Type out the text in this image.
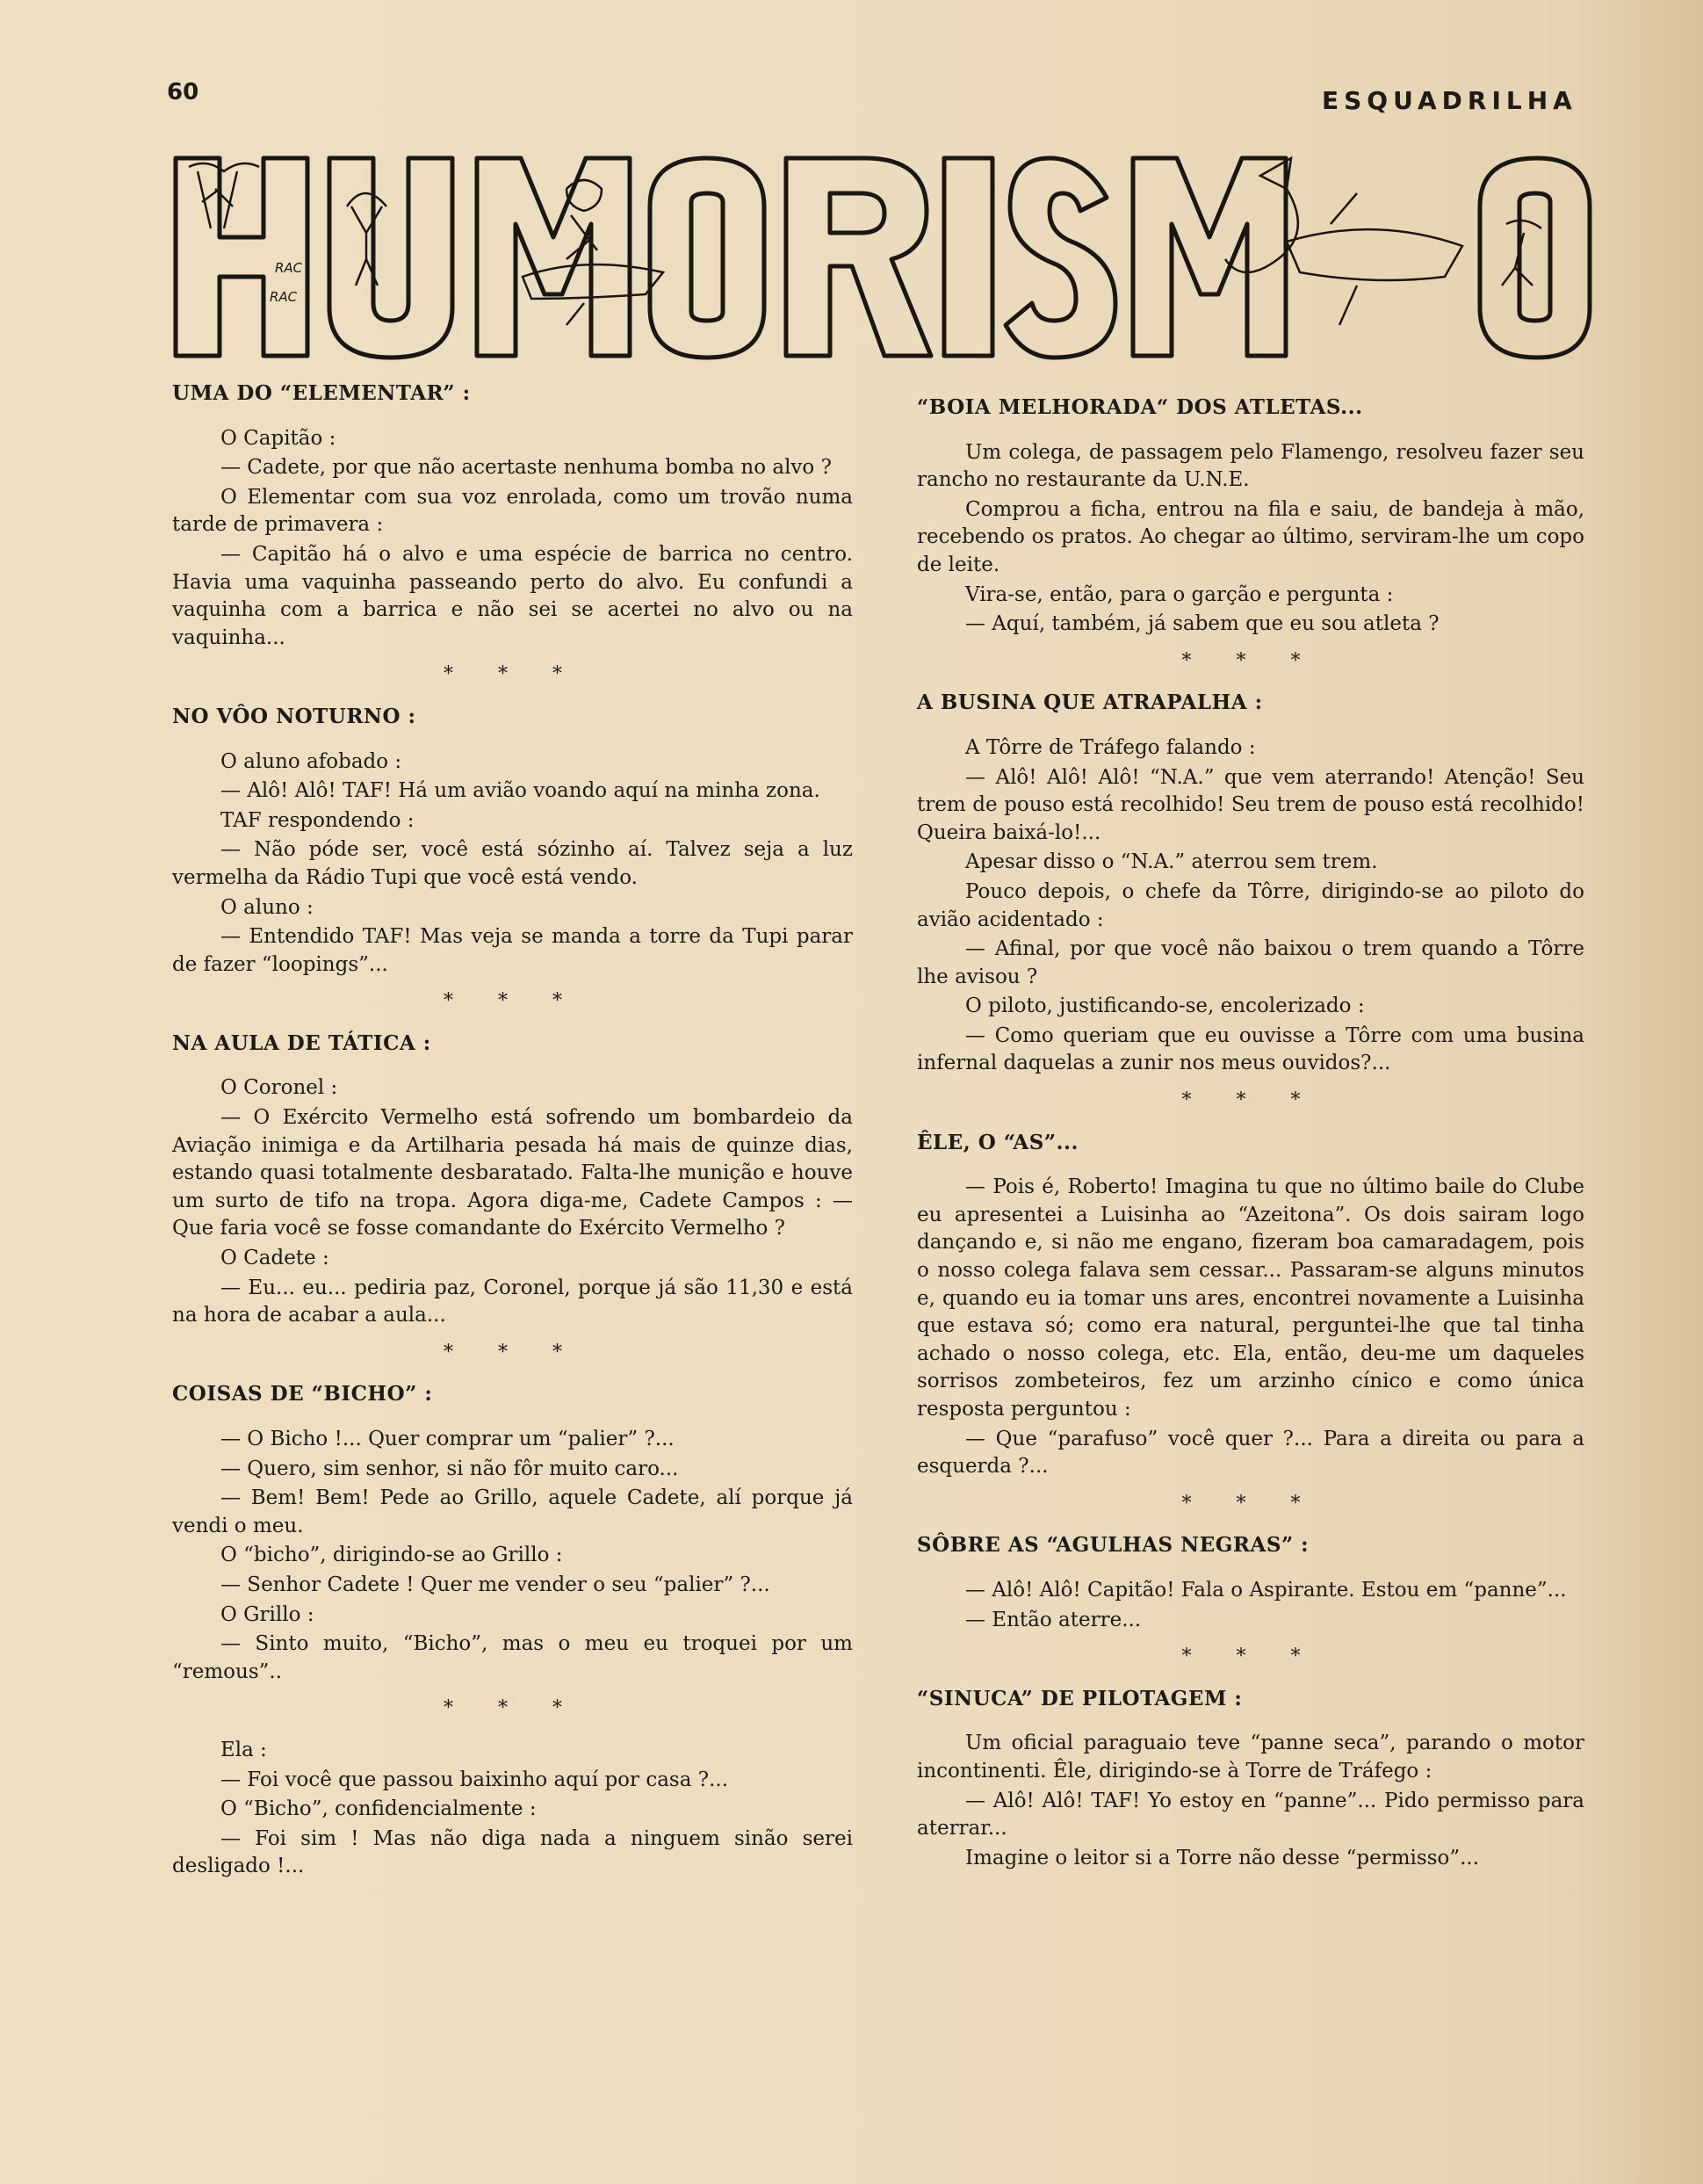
60	ESQUADRILHA
RAC
RAC
UMA DO “ELEMENTAR” :

O Capitão :

— Cadete, por que não acertaste nenhuma bomba no alvo ?

O Elementar com sua voz enrolada, como um trovão numa tarde de primavera :

— Capitão há o alvo e uma espécie de barrica no centro. Havia uma vaquinha passeando perto do alvo. Eu confundi a vaquinha com a barrica e não sei se acertei no alvo ou na vaquinha...

* * *
NO VÔO NOTURNO :

O aluno afobado :

— Alô! Alô! TAF! Há um avião voando aquí na minha zona.

TAF respondendo :

— Não póde ser, você está sózinho aí. Talvez seja a luz vermelha da Rádio Tupi que você está vendo.

O aluno :

— Entendido TAF! Mas veja se manda a torre da Tupi parar de fazer “loopings”...

* * *
NA AULA DE TÁTICA :

O Coronel :

— O Exército Vermelho está sofrendo um bombardeio da Aviação inimiga e da Artilharia pesada há mais de quinze dias, estando quasi totalmente desbaratado. Falta-lhe munição e houve um surto de tifo na tropa. Agora diga-me, Cadete Campos : — Que faria você se fosse comandante do Exército Vermelho ?

O Cadete :

— Eu... eu... pediria paz, Coronel, porque já são 11,30 e está na hora de acabar a aula...

* * *
COISAS DE “BICHO” :

— O Bicho !... Quer comprar um “palier” ?...

— Quero, sim senhor, si não fôr muito caro...

— Bem! Bem! Pede ao Grillo, aquele Cadete, alí porque já vendi o meu.

O “bicho”, dirigindo-se ao Grillo :

— Senhor Cadete ! Quer me vender o seu “palier” ?...

O Grillo :

— Sinto muito, “Bicho”, mas o meu eu troquei por um “remous”..

* * *

Ela :

— Foi você que passou baixinho aquí por casa ?...

O “Bicho”, confidencialmente :

— Foi sim ! Mas não diga nada a ninguem sinão serei desligado !...

“BOIA MELHORADA“ DOS ATLETAS...

Um colega, de passagem pelo Flamengo, resolveu fazer seu rancho no restaurante da U.N.E.

Comprou a ficha, entrou na fila e saiu, de bandeja à mão, recebendo os pratos. Ao chegar ao último, serviram-lhe um copo de leite.

Vira-se, então, para o garção e pergunta :

— Aquí, também, já sabem que eu sou atleta ?

* * *
A BUSINA QUE ATRAPALHA :

A Tôrre de Tráfego falando :

— Alô! Alô! Alô! “N.A.” que vem aterrando! Atenção! Seu trem de pouso está recolhido! Seu trem de pouso está recolhido! Queira baixá-lo!...

Apesar disso o “N.A.” aterrou sem trem.

Pouco depois, o chefe da Tôrre, dirigindo-se ao piloto do avião acidentado :

— Afinal, por que você não baixou o trem quando a Tôrre lhe avisou ?

O piloto, justificando-se, encolerizado :

— Como queriam que eu ouvisse a Tôrre com uma busina infernal daquelas a zunir nos meus ouvidos?...

* * *
ÊLE, O “AS”...

— Pois é, Roberto! Imagina tu que no último baile do Clube eu apresentei a Luisinha ao “Azeitona”. Os dois sairam logo dançando e, si não me engano, fizeram boa camaradagem, pois o nosso colega falava sem cessar... Passaram-se alguns minutos e, quando eu ia tomar uns ares, encontrei novamente a Luisinha que estava só; como era natural, perguntei-lhe que tal tinha achado o nosso colega, etc. Ela, então, deu-me um daqueles sorrisos zombeteiros, fez um arzinho cínico e como única resposta perguntou :

— Que “parafuso” você quer ?... Para a direita ou para a esquerda ?...

* * *
SÔBRE AS “AGULHAS NEGRAS” :

— Alô! Alô! Capitão! Fala o Aspirante. Estou em “panne”...

— Então aterre...

* * *
“SINUCA” DE PILOTAGEM :

Um oficial paraguaio teve “panne seca”, parando o motor incontinenti. Êle, dirigindo-se à Torre de Tráfego :

— Alô! Alô! TAF! Yo estoy en “panne”... Pido permisso para aterrar...

Imagine o leitor si a Torre não desse “permisso”...
